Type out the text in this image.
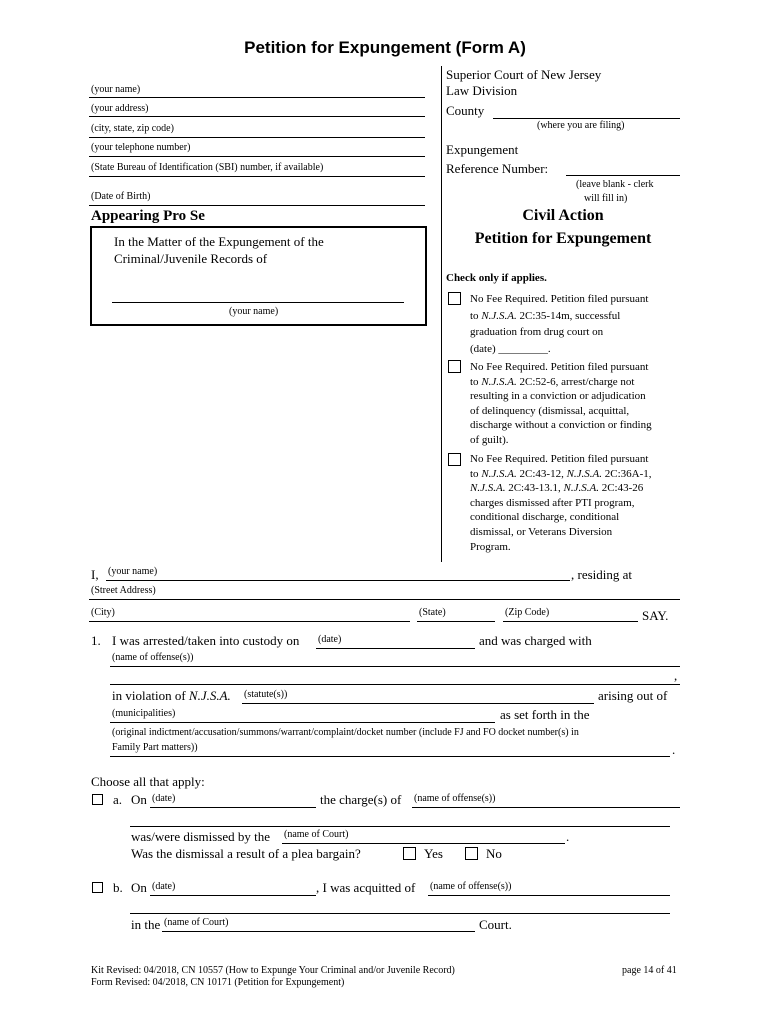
Petition for Expungement (Form A)
(your name)
(your address)
(city, state, zip code)
(your telephone number)
(State Bureau of Identification (SBI) number, if available)
(Date of Birth)
Appearing Pro Se
In the Matter of the Expungement of the
Criminal/Juvenile Records of
(your name)
Superior Court of New Jersey
Law Division
County
(where you are filing)
Expungement
Reference Number:
(leave blank - clerk
will fill in)
Civil Action
Petition for Expungement
Check only if applies.
No Fee Required. Petition filed pursuant
to N.J.S.A. 2C:35-14m, successful
graduation from drug court on
(date) _________.
No Fee Required. Petition filed pursuant
to N.J.S.A. 2C:52-6, arrest/charge not
resulting in a conviction or adjudication
of delinquency (dismissal, acquittal,
discharge without a conviction or finding
of guilt).
No Fee Required. Petition filed pursuant
to N.J.S.A. 2C:43-12, N.J.S.A. 2C:36A-1,
N.J.S.A. 2C:43-13.1, N.J.S.A. 2C:43-26
charges dismissed after PTI program,
conditional discharge, conditional
dismissal, or Veterans Diversion
Program.
I, (your name)	, residing at
(Street Address)
(City)	(State)	(Zip Code)	SAY.
1. I was arrested/taken into custody on (date)	and was charged with
(name of offense(s))
,
in violation of N.J.S.A. (statute(s))	arising out of
(municipalities)	as set forth in the
(original indictment/accusation/summons/warrant/complaint/docket number (include FJ and FO docket number(s) in
Family Part matters))	.
Choose all that apply:
a. On (date)	the charge(s) of (name of offense(s))
was/were dismissed by the (name of Court)	.
Was the dismissal a result of a plea bargain?	Yes	No
b. On (date)	, I was acquitted of (name of offense(s))
in the (name of Court)	Court.
Kit Revised: 04/2018, CN 10557 (How to Expunge Your Criminal and/or Juvenile Record)
Form Revised: 04/2018, CN 10171 (Petition for Expungement)
page 14 of 41
